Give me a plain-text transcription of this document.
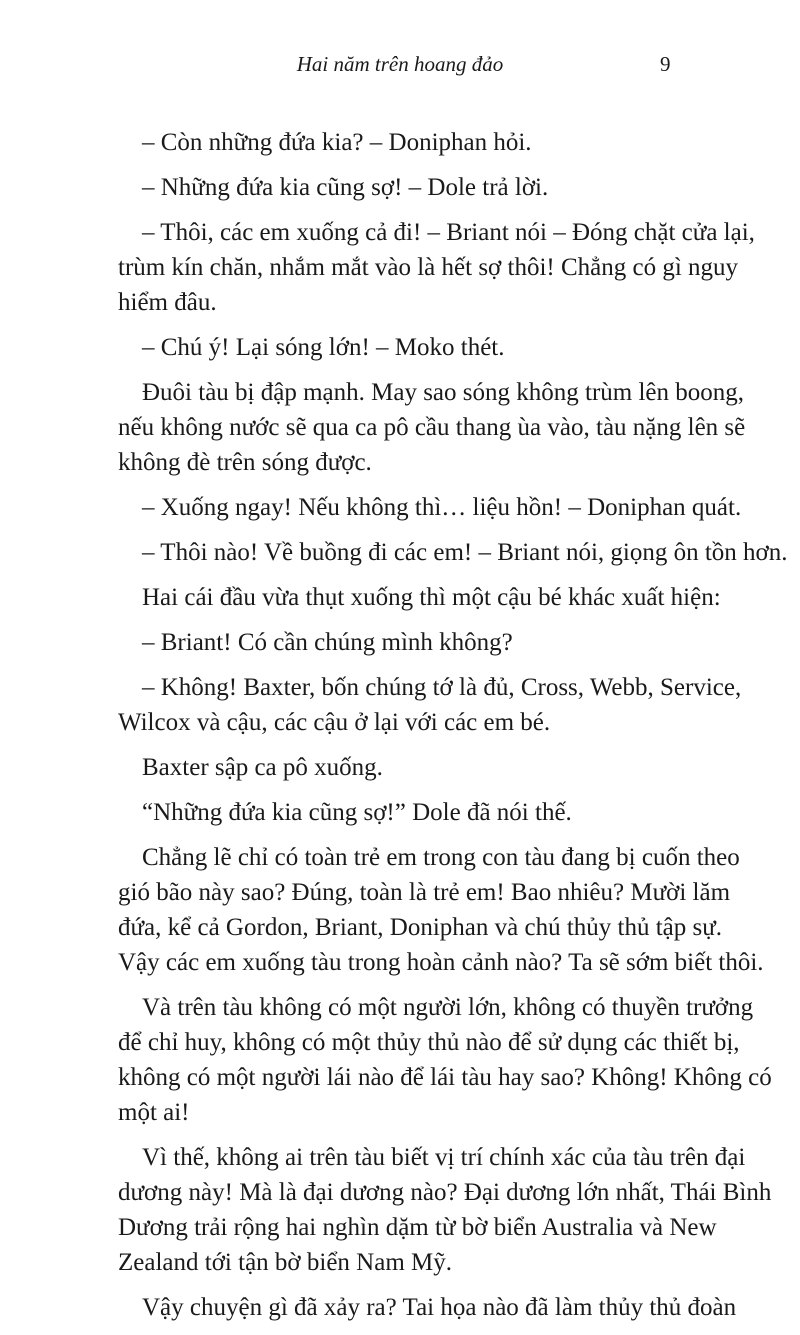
Hai năm trên hoang đảo	9
– Còn những đứa kia? – Doniphan hỏi.
– Những đứa kia cũng sợ! – Dole trả lời.
– Thôi, các em xuống cả đi! – Briant nói – Đóng chặt cửa lại,
trùm kín chăn, nhắm mắt vào là hết sợ thôi! Chẳng có gì nguy
hiểm đâu.
– Chú ý! Lại sóng lớn! – Moko thét.
Đuôi tàu bị đập mạnh. May sao sóng không trùm lên boong,
nếu không nước sẽ qua ca pô cầu thang ùa vào, tàu nặng lên sẽ
không đè trên sóng được.
– Xuống ngay! Nếu không thì… liệu hồn! – Doniphan quát.
– Thôi nào! Về buồng đi các em! – Briant nói, giọng ôn tồn hơn.
Hai cái đầu vừa thụt xuống thì một cậu bé khác xuất hiện:
– Briant! Có cần chúng mình không?
– Không! Baxter, bốn chúng tớ là đủ, Cross, Webb, Service,
Wilcox và cậu, các cậu ở lại với các em bé.
Baxter sập ca pô xuống.
“Những đứa kia cũng sợ!” Dole đã nói thế.
Chẳng lẽ chỉ có toàn trẻ em trong con tàu đang bị cuốn theo
gió bão này sao? Đúng, toàn là trẻ em! Bao nhiêu? Mười lăm
đứa, kể cả Gordon, Briant, Doniphan và chú thủy thủ tập sự.
Vậy các em xuống tàu trong hoàn cảnh nào? Ta sẽ sớm biết thôi.
Và trên tàu không có một người lớn, không có thuyền trưởng
để chỉ huy, không có một thủy thủ nào để sử dụng các thiết bị,
không có một người lái nào để lái tàu hay sao? Không! Không có
một ai!
Vì thế, không ai trên tàu biết vị trí chính xác của tàu trên đại
dương này! Mà là đại dương nào? Đại dương lớn nhất, Thái Bình
Dương trải rộng hai nghìn dặm từ bờ biển Australia và New
Zealand tới tận bờ biển Nam Mỹ.
Vậy chuyện gì đã xảy ra? Tai họa nào đã làm thủy thủ đoàn
